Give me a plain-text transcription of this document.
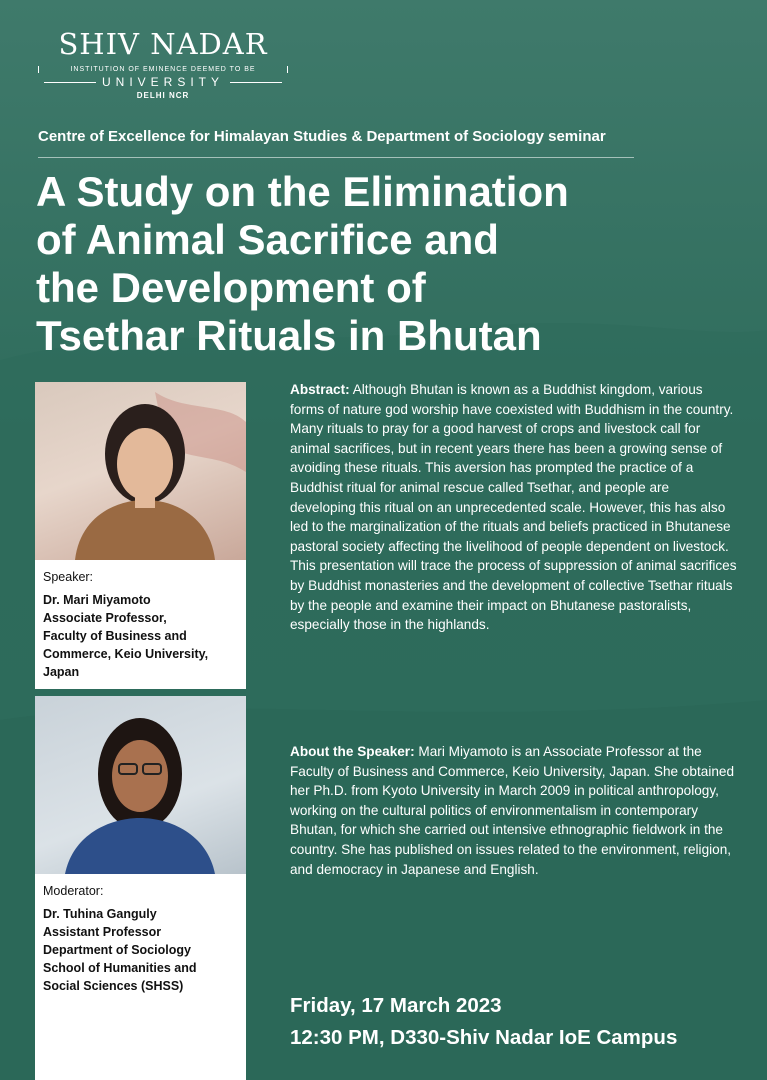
SHIV NADAR
INSTITUTION OF EMINENCE DEEMED TO BE
UNIVERSITY
DELHI NCR
Centre of Excellence for Himalayan Studies & Department of Sociology seminar
A Study on the Elimination
of Animal Sacrifice and
the Development of
Tsethar Rituals in Bhutan
Speaker:
Dr. Mari Miyamoto
Associate Professor,
Faculty of Business and
Commerce, Keio University,
Japan
Moderator:
Dr. Tuhina Ganguly
Assistant Professor
Department of Sociology
School of Humanities and
Social Sciences (SHSS)

Abstract: Although Bhutan is known as a Buddhist kingdom, various forms of nature god worship have coexisted with Buddhism in the country. Many rituals to pray for a good harvest of crops and livestock call for animal sacrifices, but in recent years there has been a growing sense of avoiding these rituals. This aversion has prompted the practice of a Buddhist ritual for animal rescue called Tsethar, and people are developing this ritual on an unprecedented scale. However, this has also led to the marginalization of the rituals and beliefs practiced in Bhutanese pastoral society affecting the livelihood of people dependent on livestock. This presentation will trace the process of suppression of animal sacrifices by Buddhist monasteries and the development of collective Tsethar rituals by the people and examine their impact on Bhutanese pastoralists, especially those in the highlands.

About the Speaker: Mari Miyamoto is an Associate Professor at the Faculty of Business and Commerce, Keio University, Japan. She obtained her Ph.D. from Kyoto University in March 2009 in political anthropology, working on the cultural politics of environmentalism in contemporary Bhutan, for which she carried out intensive ethnographic fieldwork in the country. She has published on issues related to the environment, religion, and democracy in Japanese and English.

Friday, 17 March 2023
12:30 PM, D330-Shiv Nadar IoE Campus
